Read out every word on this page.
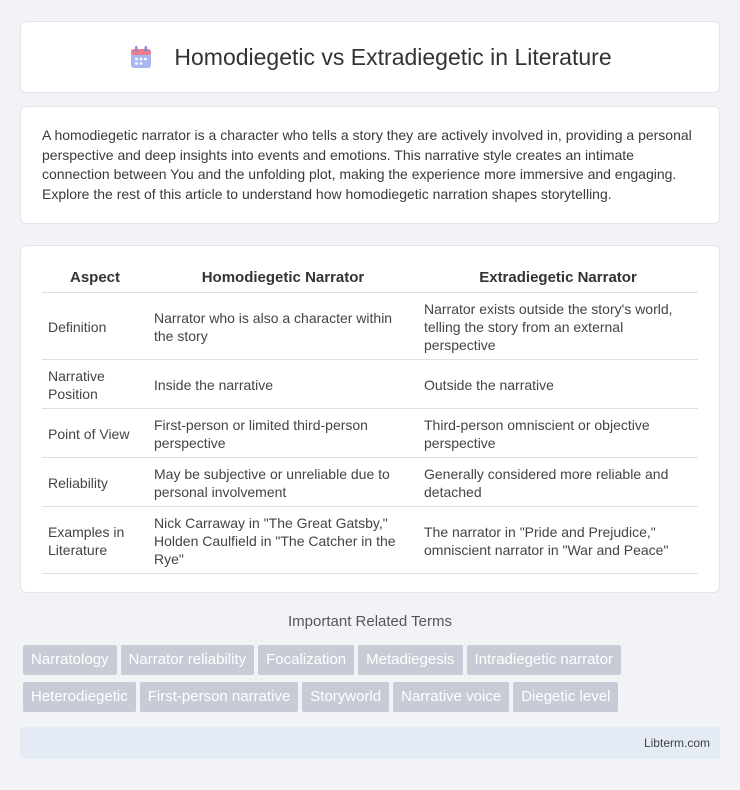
Homodiegetic vs Extradiegetic in Literature
A homodiegetic narrator is a character who tells a story they are actively involved in, providing a personal perspective and deep insights into events and emotions. This narrative style creates an intimate connection between You and the unfolding plot, making the experience more immersive and engaging. Explore the rest of this article to understand how homodiegetic narration shapes storytelling.
Aspect	Homodiegetic Narrator	Extradiegetic Narrator
Definition	Narrator who is also a character within the story	Narrator exists outside the story's world, telling the story from an external perspective
Narrative Position	Inside the narrative	Outside the narrative
Point of View	First-person or limited third-person perspective	Third-person omniscient or objective perspective
Reliability	May be subjective or unreliable due to personal involvement	Generally considered more reliable and detached
Examples in Literature	Nick Carraway in "The Great Gatsby," Holden Caulfield in "The Catcher in the Rye"	The narrator in "Pride and Prejudice," omniscient narrator in "War and Peace"
Important Related Terms
Narratology Narrator reliability Focalization Metadiegesis Intradiegetic narrator
Heterodiegetic First-person narrative Storyworld Narrative voice Diegetic level
Libterm.com
